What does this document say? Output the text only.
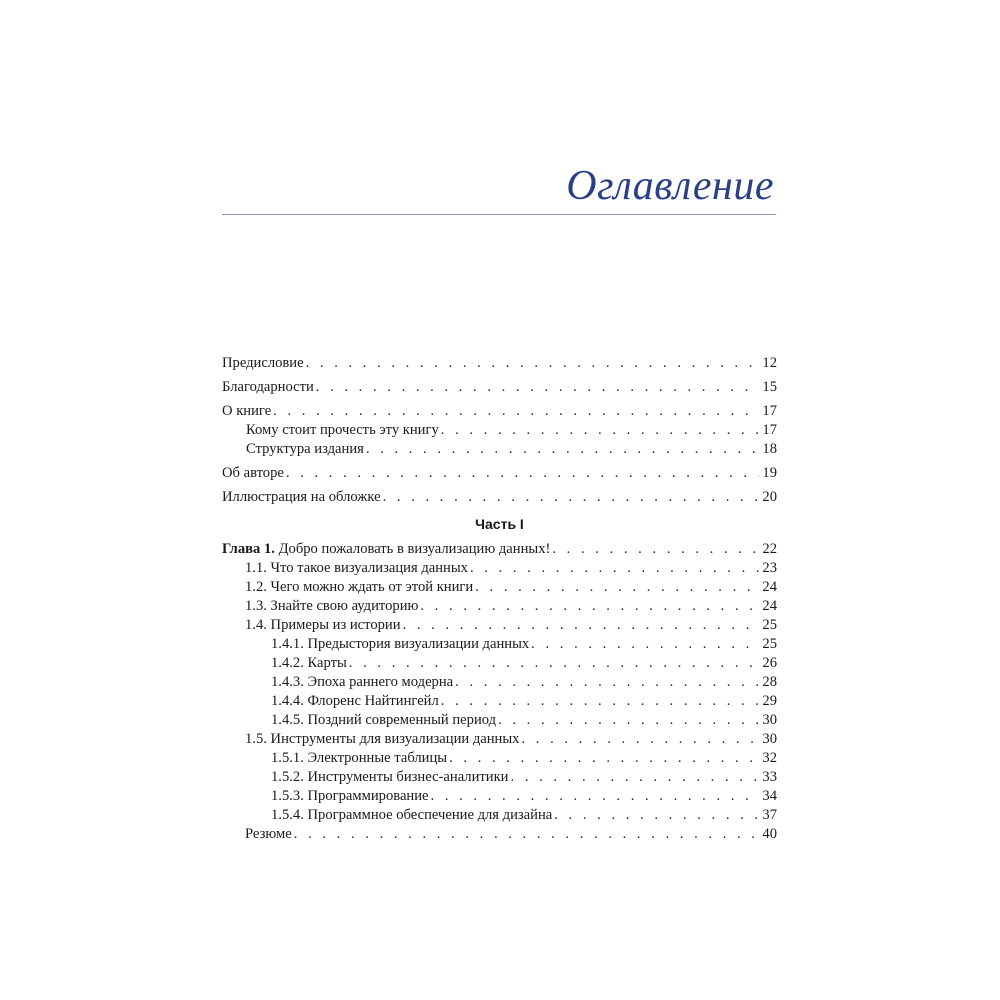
Оглавление
Предисловие . . .	12
Благодарности . . .	15
О книге . . .	17
Кому стоит прочесть эту книгу . . .	17
Структура издания . . .	18
Об авторе . . .	19
Иллюстрация на обложке . . .	20
Часть I
Глава 1. Добро пожаловать в визуализацию данных! . . .	22
1.1. Что такое визуализация данных . . .	23
1.2. Чего можно ждать от этой книги . . .	24
1.3. Знайте свою аудиторию . . .	24
1.4. Примеры из истории . . .	25
1.4.1. Предыстория визуализации данных . . .	25
1.4.2. Карты . . .	26
1.4.3. Эпоха раннего модерна . . .	28
1.4.4. Флоренс Найтингейл . . .	29
1.4.5. Поздний современный период . . .	30
1.5. Инструменты для визуализации данных . . .	30
1.5.1. Электронные таблицы . . .	32
1.5.2. Инструменты бизнес-аналитики . . .	33
1.5.3. Программирование . . .	34
1.5.4. Программное обеспечение для дизайна . . .	37
Резюме . . .	40
